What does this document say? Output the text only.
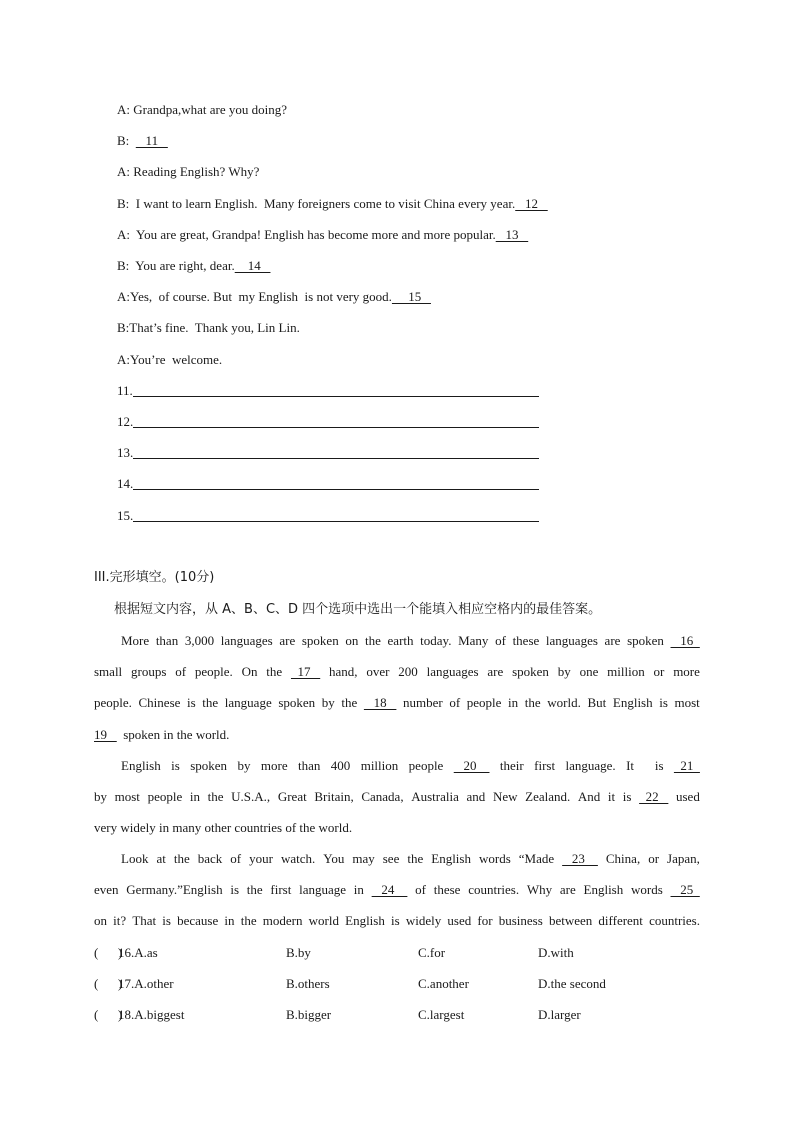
A: Grandpa,what are you doing?
B:     11
A: Reading English? Why?
B:  I want to learn English.  Many foreigners come to visit China every year.   12
A:  You are great, Grandpa! English has become more and more popular.   13
B:  You are right, dear.    14
A:Yes,  of course. But  my English  is not very good.     15
B:That’s fine.  Thank you, Lin Lin.
A:You’re  welcome.
11.
12.
13.
14.
15.
III.完形填空。(10分)
根据短文内容，从 A、B、C、D 四个选项中选出一个能填入相应空格内的最佳答案。
More than 3,000 languages are spoken on the earth today. Many of these languages are spoken 16
small groups of people. On the 17 hand, over 200 languages are spoken by one million or more
people. Chinese is the language spoken by the 18 number of people in the world. But English is most
19     spoken in the world.
English is spoken by more than 400 million people 20 their first language. It is 21
by most people in the U.S.A., Great Britain, Canada, Australia and New Zealand. And it is 22 used
very widely in many other countries of the world.
Look at the back of your watch. You may see the English words “Made 23 China, or Japan,
even Germany.”English is the first language in 24 of these countries. Why are English words 25
on it? That is because in the modern world English is widely used for business between different countries.
(      )
16.A.as	B.by	C.for	D.with
(      )
17.A.other	B.others	C.another	D.the second
(      )
18.A.biggest	B.bigger	C.largest	D.larger
